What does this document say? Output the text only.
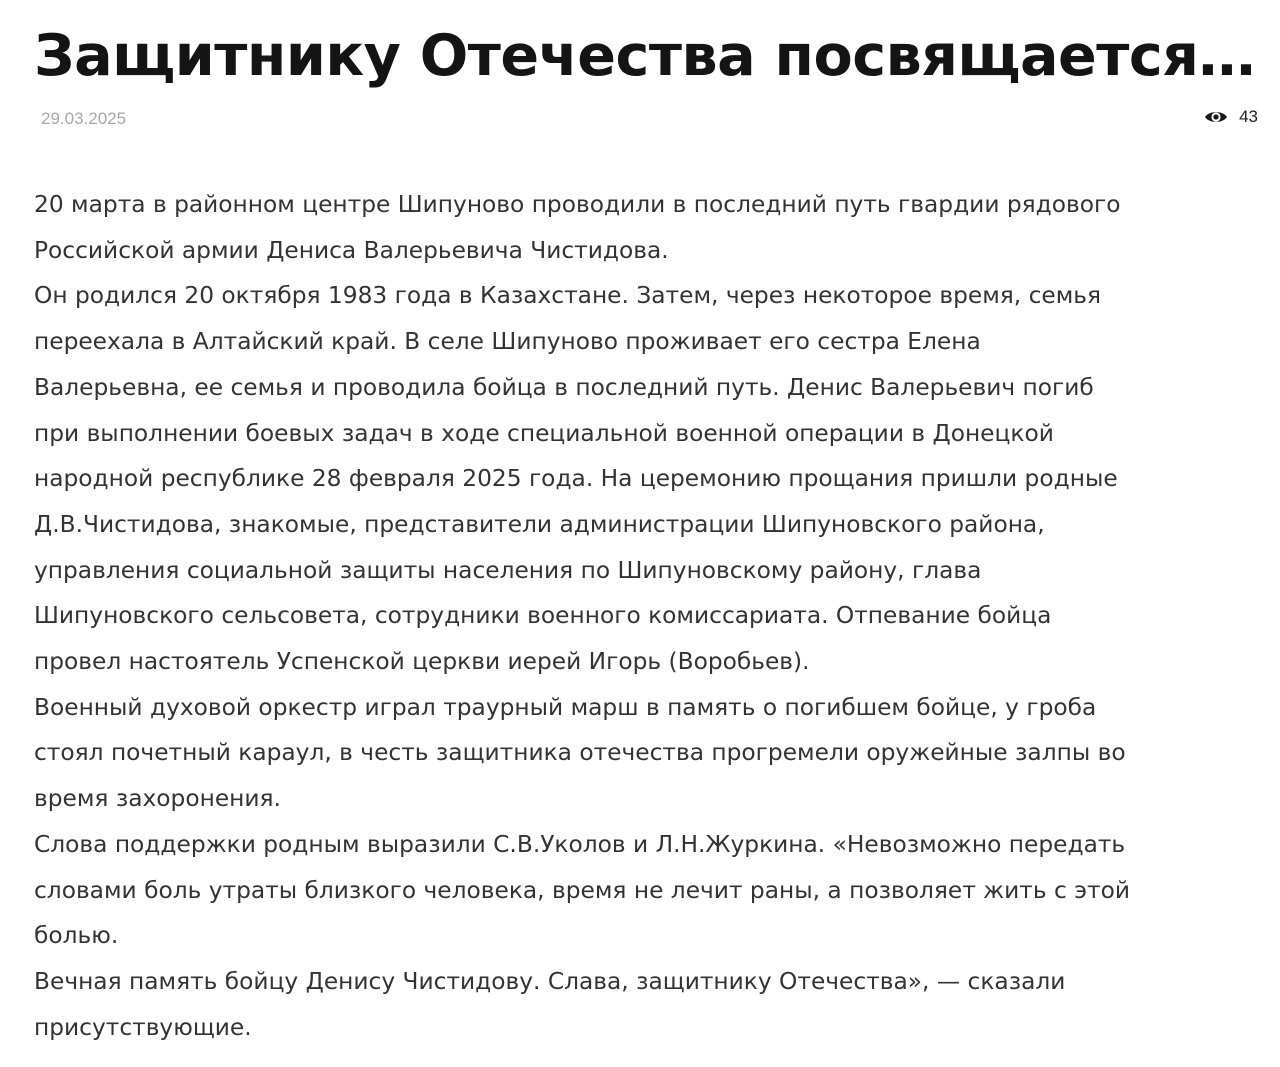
Защитнику Отечества посвящается…
29.03.2025	43

20 марта в районном центре Шипуново проводили в последний путь гвардии рядового

Российской армии Дениса Валерьевича Чистидова.

Он родился 20 октября 1983 года в Казахстане. Затем, через некоторое время, семья

переехала в Алтайский край. В селе Шипуново проживает его сестра Елена

Валерьевна, ее семья и проводила бойца в последний путь. Денис Валерьевич погиб

при выполнении боевых задач в ходе специальной военной операции в Донецкой

народной республике 28 февраля 2025 года. На церемонию прощания пришли родные

Д.В.Чистидова, знакомые, представители администрации Шипуновского района,

управления социальной защиты населения по Шипуновскому району, глава

Шипуновского сельсовета, сотрудники военного комиссариата. Отпевание бойца

провел настоятель Успенской церкви иерей Игорь (Воробьев).

Военный духовой оркестр играл траурный марш в память о погибшем бойце, у гроба

стоял почетный караул, в честь защитника отечества прогремели оружейные залпы во

время захоронения.

Слова поддержки родным выразили С.В.Уколов и Л.Н.Журкина. «Невозможно передать

словами боль утраты близкого человека, время не лечит раны, а позволяет жить с этой

болью.

Вечная память бойцу Денису Чистидову. Слава, защитнику Отечества», — сказали

присутствующие.
